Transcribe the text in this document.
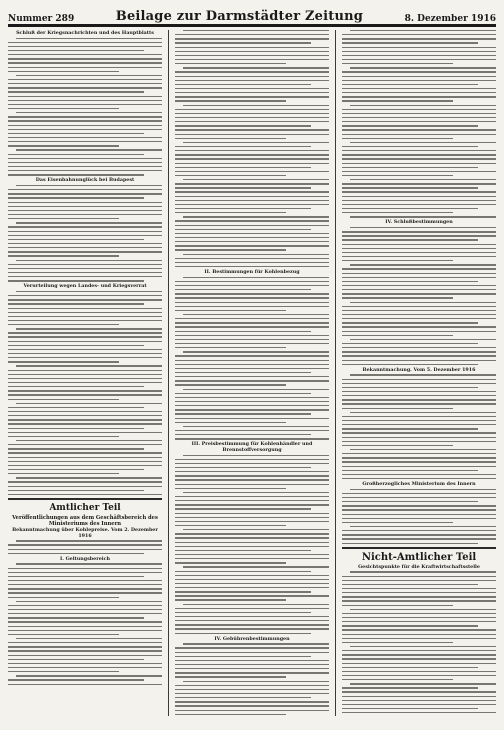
Nummer 289	Beilage zur Darmstädter Zeitung	8. Dezember 1916
Schluß der Kriegsnachrichten und des Hauptblatts
Das Eisenbahnunglück bei Budapest
Verurteilung wegen Landes- und Kriegsverrat
Amtlicher Teil
Veröffentlichungen aus dem Geschäftsbereich des Ministeriums des Innern
Bekanntmachung über Kohlepreise. Vom 2. Dezember 1916
I. Geltungsbereich
II. Bestimmungen für Kohlenbezug
III. Preisbestimmung für Kohlenhändler und Brennstoffversorgung
IV. Gebührenbestimmungen
IV. Schlußbestimmungen
Bekanntmachung. Vom 5. Dezember 1916
Großherzogliches Ministerium des Innern
Nicht-Amtlicher Teil
Gesichtspunkte für die Kraftwirtschaftsstelle
